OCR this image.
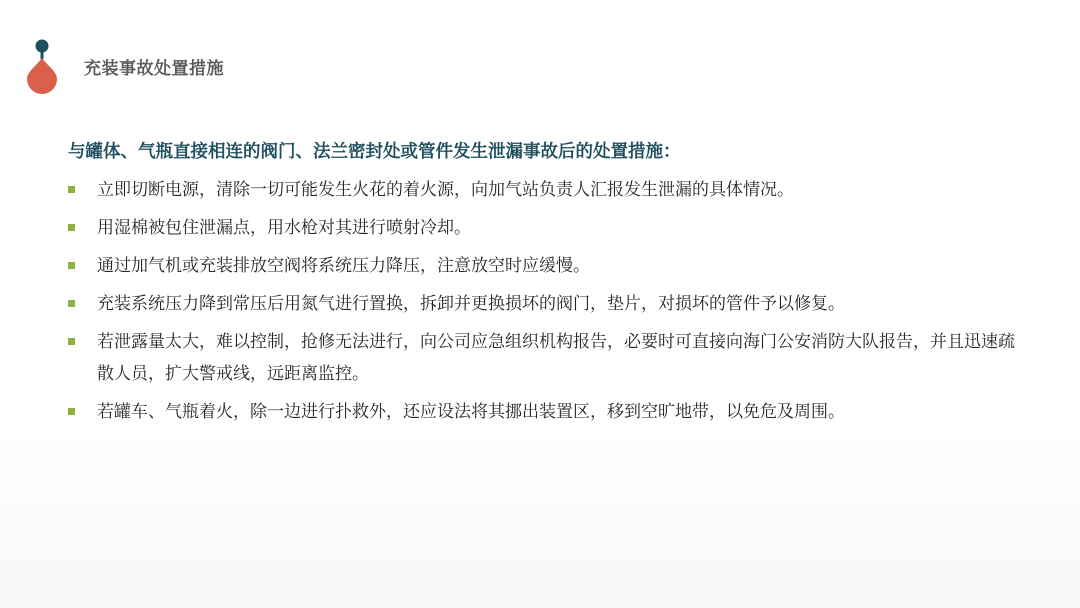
充装事故处置措施
与罐体、气瓶直接相连的阀门、法兰密封处或管件发生泄漏事故后的处置措施：
立即切断电源，清除一切可能发生火花的着火源，向加气站负责人汇报发生泄漏的具体情况。
用湿棉被包住泄漏点，用水枪对其进行喷射冷却。
通过加气机或充装排放空阀将系统压力降压，注意放空时应缓慢。
充装系统压力降到常压后用氮气进行置换，拆卸并更换损坏的阀门，垫片，对损坏的管件予以修复。
若泄露量太大，难以控制，抢修无法进行，向公司应急组织机构报告，必要时可直接向海门公安消防大队报告，并且迅速疏散人员，扩大警戒线，远距离监控。
若罐车、气瓶着火，除一边进行扑救外，还应设法将其挪出装置区，移到空旷地带，以免危及周围。
